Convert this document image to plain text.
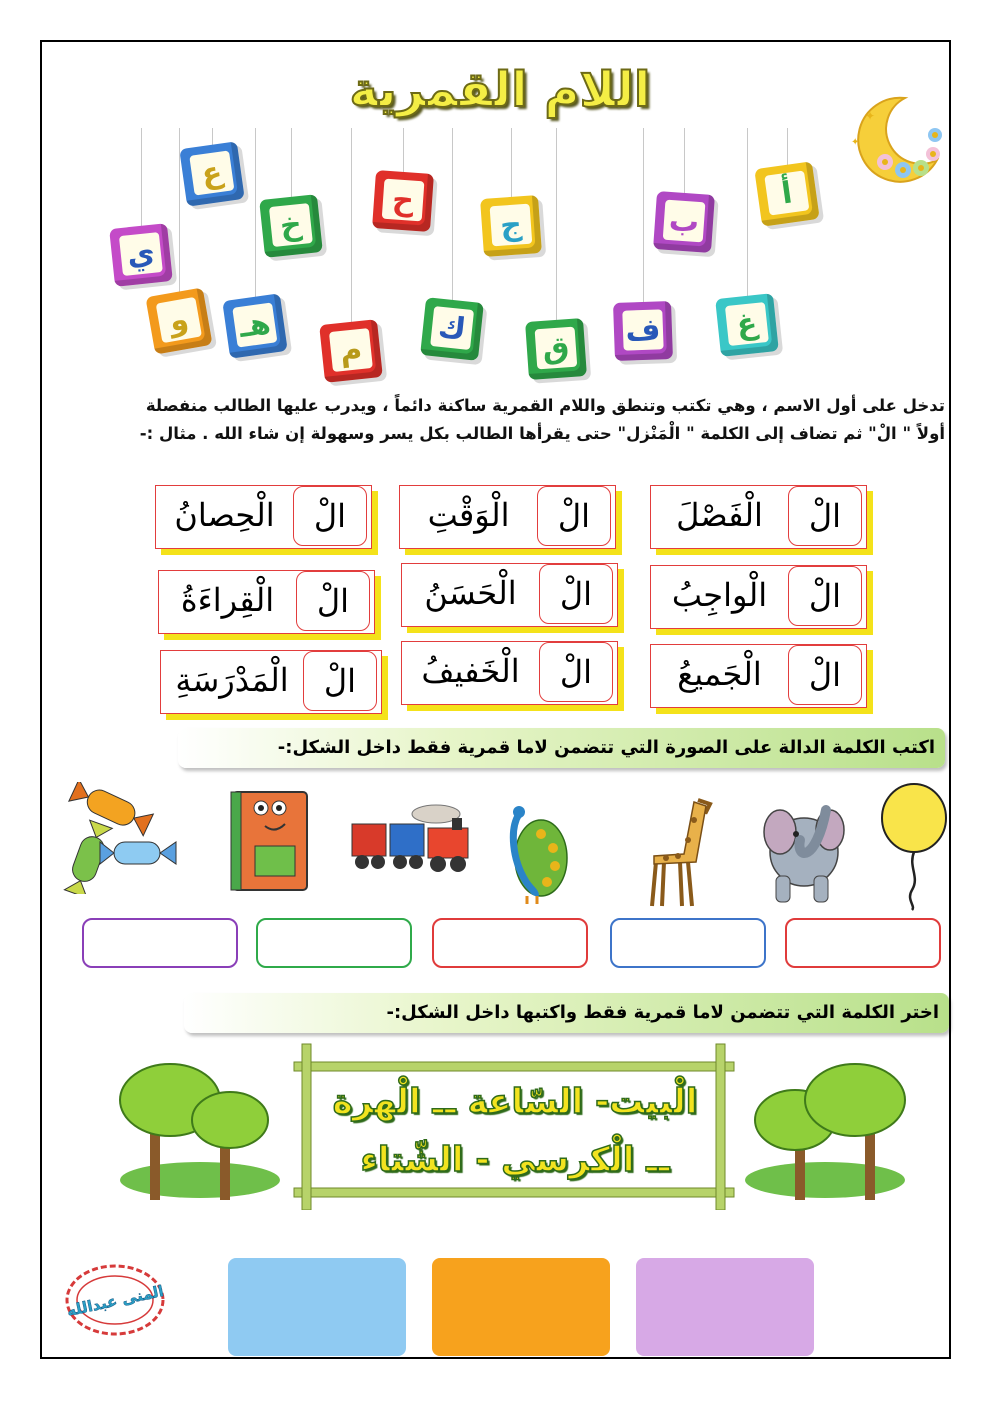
اللام القمرية	✦
✦
ع
خ
ح
ج	ب
أ
ي
و	هـ
م
ك
ق ف	غ
تدخل على أول الاسم ، وهي تكتب وتنطق واللام القمرية ساكنة دائماً ، ويدرب عليها الطالب منفصلة
أولاً " الْ" ثم تضاف إلى الكلمة " الْمَنْزل" حتى يقرأها الطالب بكل يسر وسهولة إن شاء الله . مثال :-
الْ
الْفَصْلَ
الْ
الْوَقْتِ
الْ
الْحِصانُ
الْ
الْواجِبُ
الْ
الْحَسَنُ
الْ
الْقِراءَةُ
الْ
الْجَميعُ
الْ
الْخَفيفُ
الْ
الْمَدْرَسَةِ
اكتب الكلمة الدالة على الصورة التي تتضمن لاما قمرية فقط داخل الشكل:-
اختر الكلمة التي تتضمن لاما قمرية فقط واكتبها داخل الشكل:-
الْبيت- السّاعة ــ الْهرة
ــ الْكرسي - الشّتاء
المنى عبدالله
